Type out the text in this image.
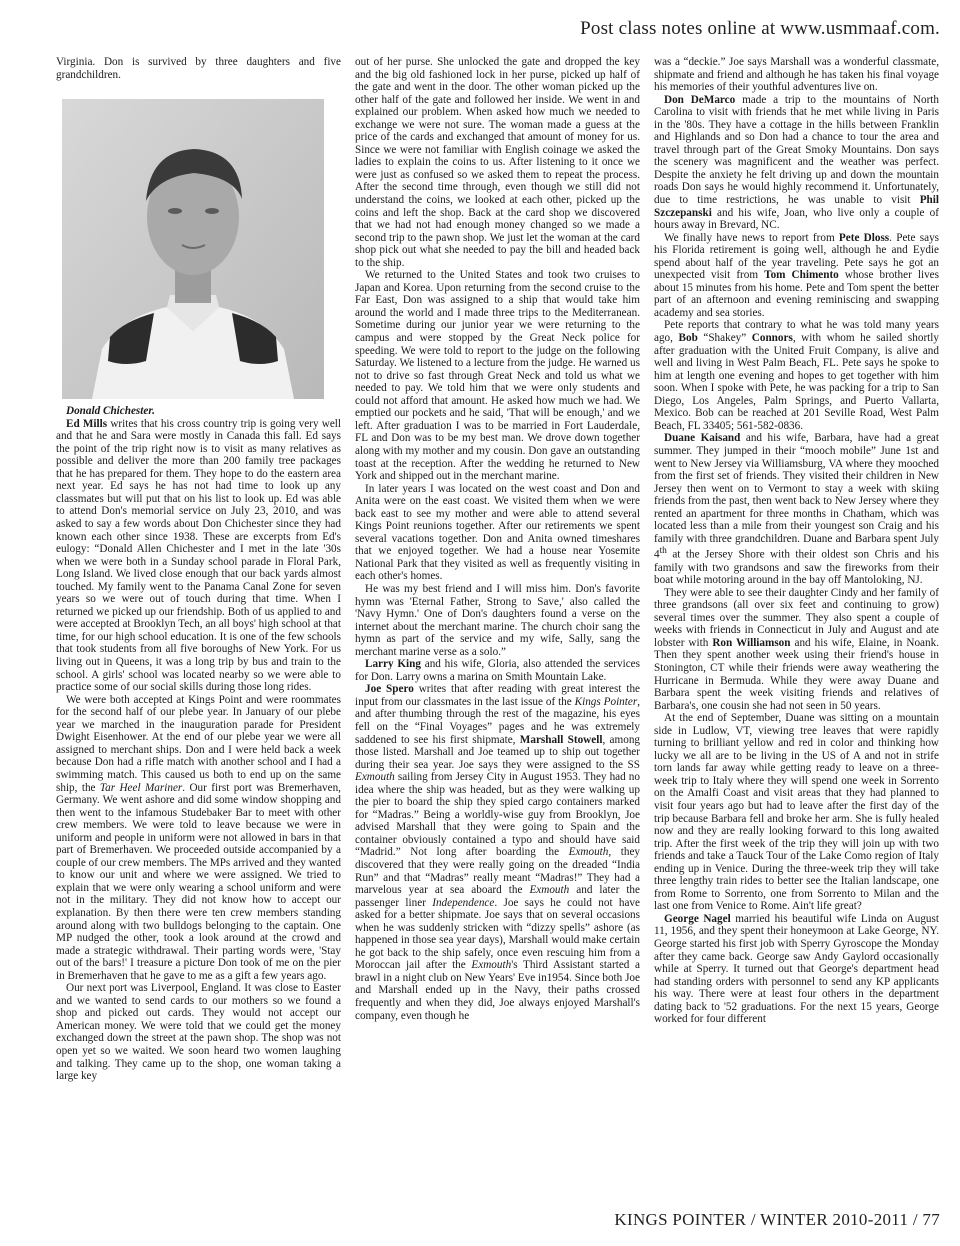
Post class notes online at www.usmmaaf.com.

Virginia. Don is survived by three daughters and five grandchildren.

Donald Chichester.

Ed Mills writes that his cross country trip is going very well and that he and Sara were mostly in Canada this fall. Ed says the point of the trip right now is to visit as many relatives as possible and deliver the more than 200 family tree packages that he has prepared for them. They hope to do the eastern area next year. Ed says he has not had time to look up any classmates but will put that on his list to look up. Ed was able to attend Don's memorial service on July 23, 2010, and was asked to say a few words about Don Chichester since they had known each other since 1938. These are excerpts from Ed's eulogy: “Donald Allen Chichester and I met in the late '30s when we were both in a Sunday school parade in Floral Park, Long Island. We lived close enough that our back yards almost touched. My family went to the Panama Canal Zone for seven years so we were out of touch during that time. When I returned we picked up our friendship. Both of us applied to and were accepted at Brooklyn Tech, an all boys' high school at that time, for our high school education. It is one of the few schools that took students from all five boroughs of New York. For us living out in Queens, it was a long trip by bus and train to the school. A girls' school was located nearby so we were able to practice some of our social skills during those long rides.

We were both accepted at Kings Point and were roommates for the second half of our plebe year. In January of our plebe year we marched in the inauguration parade for President Dwight Eisenhower. At the end of our plebe year we were all assigned to merchant ships. Don and I were held back a week because Don had a rifle match with another school and I had a swimming match. This caused us both to end up on the same ship, the Tar Heel Mariner. Our first port was Bremerhaven, Germany. We went ashore and did some window shopping and then went to the infamous Studebaker Bar to meet with other crew members. We were told to leave because we were in uniform and people in uniform were not allowed in bars in that part of Bremerhaven. We proceeded outside accompanied by a couple of our crew members. The MPs arrived and they wanted to know our unit and where we were assigned. We tried to explain that we were only wearing a school uniform and were not in the military. They did not know how to accept our explanation. By then there were ten crew members standing around along with two bulldogs belonging to the captain. One MP nudged the other, took a look around at the crowd and made a strategic withdrawal. Their parting words were, 'Stay out of the bars!' I treasure a picture Don took of me on the pier in Bremerhaven that he gave to me as a gift a few years ago.

Our next port was Liverpool, England. It was close to Easter and we wanted to send cards to our mothers so we found a shop and picked out cards. They would not accept our American money. We were told that we could get the money exchanged down the street at the pawn shop. The shop was not open yet so we waited. We soon heard two women laughing and talking. They came up to the shop, one woman taking a large key

out of her purse. She unlocked the gate and dropped the key and the big old fashioned lock in her purse, picked up half of the gate and went in the door. The other woman picked up the other half of the gate and followed her inside. We went in and explained our problem. When asked how much we needed to exchange we were not sure. The woman made a guess at the price of the cards and exchanged that amount of money for us. Since we were not familiar with English coinage we asked the ladies to explain the coins to us. After listening to it once we were just as confused so we asked them to repeat the process. After the second time through, even though we still did not understand the coins, we looked at each other, picked up the coins and left the shop. Back at the card shop we discovered that we had not had enough money changed so we made a second trip to the pawn shop. We just let the woman at the card shop pick out what she needed to pay the bill and headed back to the ship.

We returned to the United States and took two cruises to Japan and Korea. Upon returning from the second cruise to the Far East, Don was assigned to a ship that would take him around the world and I made three trips to the Mediterranean. Sometime during our junior year we were returning to the campus and were stopped by the Great Neck police for speeding. We were told to report to the judge on the following Saturday. We listened to a lecture from the judge. He warned us not to drive so fast through Great Neck and told us what we needed to pay. We told him that we were only students and could not afford that amount. He asked how much we had. We emptied our pockets and he said, 'That will be enough,' and we left. After graduation I was to be married in Fort Lauderdale, FL and Don was to be my best man. We drove down together along with my mother and my cousin. Don gave an outstanding toast at the reception. After the wedding he returned to New York and shipped out in the merchant marine.

In later years I was located on the west coast and Don and Anita were on the east coast. We visited them when we were back east to see my mother and were able to attend several Kings Point reunions together. After our retirements we spent several vacations together. Don and Anita owned timeshares that we enjoyed together. We had a house near Yosemite National Park that they visited as well as frequently visiting in each other's homes.

He was my best friend and I will miss him. Don's favorite hymn was 'Eternal Father, Strong to Save,' also called the 'Navy Hymn.' One of Don's daughters found a verse on the internet about the merchant marine. The church choir sang the hymn as part of the service and my wife, Sally, sang the merchant marine verse as a solo.”

Larry King and his wife, Gloria, also attended the services for Don. Larry owns a marina on Smith Mountain Lake.

Joe Spero writes that after reading with great interest the input from our classmates in the last issue of the Kings Pointer, and after thumbing through the rest of the magazine, his eyes fell on the “Final Voyages” pages and he was extremely saddened to see his first shipmate, Marshall Stowell, among those listed. Marshall and Joe teamed up to ship out together during their sea year. Joe says they were assigned to the SS Exmouth sailing from Jersey City in August 1953. They had no idea where the ship was headed, but as they were walking up the pier to board the ship they spied cargo containers marked for “Madras.” Being a worldly-wise guy from Brooklyn, Joe advised Marshall that they were going to Spain and the container obviously contained a typo and should have said “Madrid.” Not long after boarding the Exmouth, they discovered that they were really going on the dreaded “India Run” and that “Madras” really meant “Madras!” They had a marvelous year at sea aboard the Exmouth and later the passenger liner Independence. Joe says he could not have asked for a better shipmate. Joe says that on several occasions when he was suddenly stricken with “dizzy spells” ashore (as happened in those sea year days), Marshall would make certain he got back to the ship safely, once even rescuing him from a Moroccan jail after the Exmouth's Third Assistant started a brawl in a night club on New Years' Eve in1954. Since both Joe and Marshall ended up in the Navy, their paths crossed frequently and when they did, Joe always enjoyed Marshall's company, even though he

was a “deckie.” Joe says Marshall was a wonderful classmate, shipmate and friend and although he has taken his final voyage his memories of their youthful adventures live on.

Don DeMarco made a trip to the mountains of North Carolina to visit with friends that he met while living in Paris in the '80s. They have a cottage in the hills between Franklin and Highlands and so Don had a chance to tour the area and travel through part of the Great Smoky Mountains. Don says the scenery was magnificent and the weather was perfect. Despite the anxiety he felt driving up and down the mountain roads Don says he would highly recommend it. Unfortunately, due to time restrictions, he was unable to visit Phil Szczepanski and his wife, Joan, who live only a couple of hours away in Brevard, NC.

We finally have news to report from Pete Dloss. Pete says his Florida retirement is going well, although he and Eydie spend about half of the year traveling. Pete says he got an unexpected visit from Tom Chimento whose brother lives about 15 minutes from his home. Pete and Tom spent the better part of an afternoon and evening reminiscing and swapping academy and sea stories.

Pete reports that contrary to what he was told many years ago, Bob “Shakey” Connors, with whom he sailed shortly after graduation with the United Fruit Company, is alive and well and living in West Palm Beach, FL. Pete says he spoke to him at length one evening and hopes to get together with him soon. When I spoke with Pete, he was packing for a trip to San Diego, Los Angeles, Palm Springs, and Puerto Vallarta, Mexico. Bob can be reached at 201 Seville Road, West Palm Beach, FL 33405; 561-582-0836.

Duane Kaisand and his wife, Barbara, have had a great summer. They jumped in their “mooch mobile” June 1st and went to New Jersey via Williamsburg, VA where they mooched from the first set of friends. They visited their children in New Jersey then went on to Vermont to stay a week with skiing friends from the past, then went back to New Jersey where they rented an apartment for three months in Chatham, which was located less than a mile from their youngest son Craig and his family with three grandchildren. Duane and Barbara spent July 4th at the Jersey Shore with their oldest son Chris and his family with two grandsons and saw the fireworks from their boat while motoring around in the bay off Mantoloking, NJ.

They were able to see their daughter Cindy and her family of three grandsons (all over six feet and continuing to grow) several times over the summer. They also spent a couple of weeks with friends in Connecticut in July and August and ate lobster with Ron Williamson and his wife, Elaine, in Noank. Then they spent another week using their friend's house in Stonington, CT while their friends were away weathering the Hurricane in Bermuda. While they were away Duane and Barbara spent the week visiting friends and relatives of Barbara's, one cousin she had not seen in 50 years.

At the end of September, Duane was sitting on a mountain side in Ludlow, VT, viewing tree leaves that were rapidly turning to brilliant yellow and red in color and thinking how lucky we all are to be living in the US of A and not in strife torn lands far away while getting ready to leave on a three-week trip to Italy where they will spend one week in Sorrento on the Amalfi Coast and visit areas that they had planned to visit four years ago but had to leave after the first day of the trip because Barbara fell and broke her arm. She is fully healed now and they are really looking forward to this long awaited trip. After the first week of the trip they will join up with two friends and take a Tauck Tour of the Lake Como region of Italy ending up in Venice. During the three-week trip they will take three lengthy train rides to better see the Italian landscape, one from Rome to Sorrento, one from Sorrento to Milan and the last one from Venice to Rome. Ain't life great?

George Nagel married his beautiful wife Linda on August 11, 1956, and they spent their honeymoon at Lake George, NY. George started his first job with Sperry Gyroscope the Monday after they came back. George saw Andy Gaylord occasionally while at Sperry. It turned out that George's department head had standing orders with personnel to send any KP applicants his way. There were at least four others in the department dating back to '52 graduations. For the next 15 years, George worked for four different

KINGS POINTER / WINTER 2010-2011 / 77
